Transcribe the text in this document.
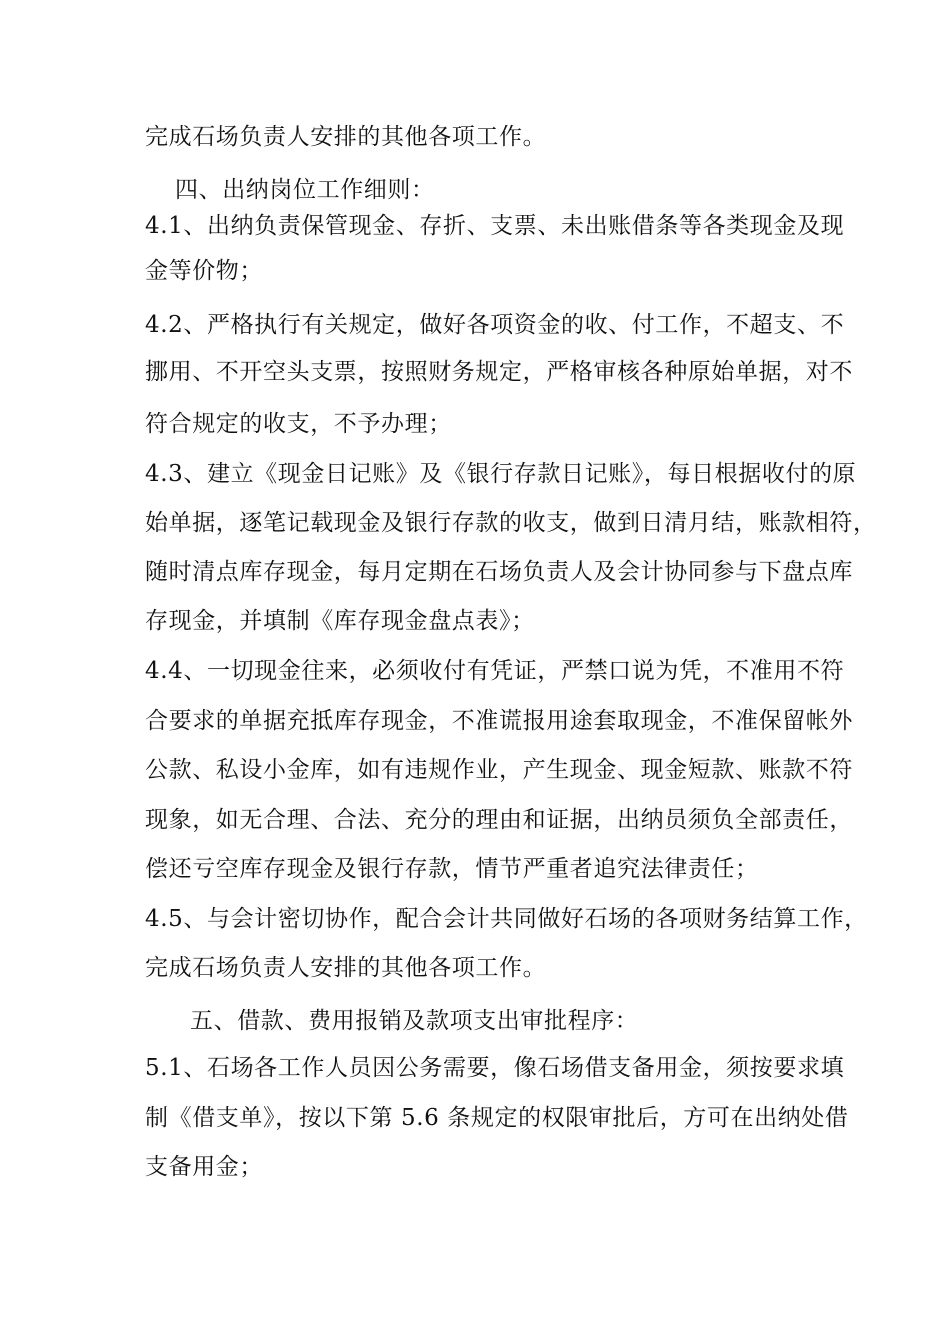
完成石场负责人安排的其他各项工作。
四、出纳岗位工作细则：
4.1、出纳负责保管现金、存折、支票、未出账借条等各类现金及现
金等价物；
4.2、严格执行有关规定，做好各项资金的收、付工作，不超支、不
挪用、不开空头支票，按照财务规定，严格审核各种原始单据，对不
符合规定的收支，不予办理；
4.3、建立《现金日记账》及《银行存款日记账》，每日根据收付的原
始单据，逐笔记载现金及银行存款的收支，做到日清月结，账款相符，
随时清点库存现金，每月定期在石场负责人及会计协同参与下盘点库
存现金，并填制《库存现金盘点表》；
4.4、一切现金往来，必须收付有凭证，严禁口说为凭，不准用不符
合要求的单据充抵库存现金，不准谎报用途套取现金，不准保留帐外
公款、私设小金库，如有违规作业，产生现金、现金短款、账款不符
现象，如无合理、合法、充分的理由和证据，出纳员须负全部责任，
偿还亏空库存现金及银行存款，情节严重者追究法律责任；
4.5、与会计密切协作，配合会计共同做好石场的各项财务结算工作，
完成石场负责人安排的其他各项工作。
五、借款、费用报销及款项支出审批程序：
5.1、石场各工作人员因公务需要，像石场借支备用金，须按要求填
制《借支单》，按以下第 5.6 条规定的权限审批后，方可在出纳处借
支备用金；
